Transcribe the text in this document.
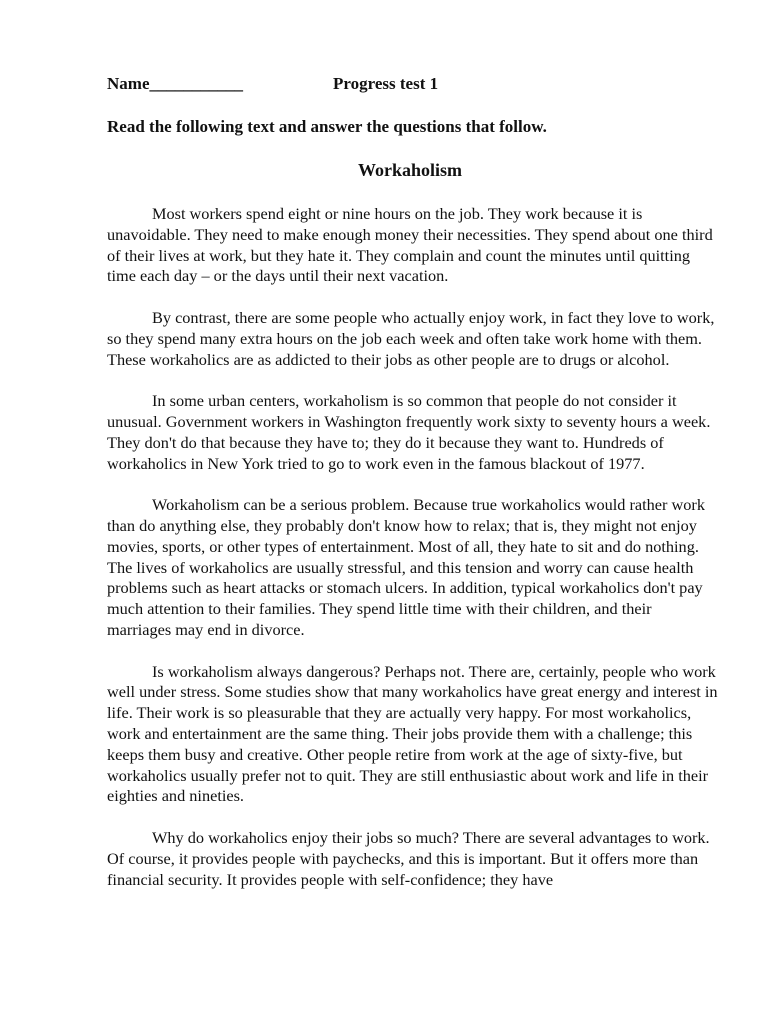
Name___________	Progress test 1
Read the following text and answer the questions that follow.
Workaholism

Most workers spend eight or nine hours on the job. They work because it is unavoidable. They need to make enough money their necessities. They spend about one third of their lives at work, but they hate it. They complain and count the minutes until quitting time each day – or the days until their next vacation.

By contrast, there are some people who actually enjoy work, in fact they love to work, so they spend many extra hours on the job each week and often take work home with them. These workaholics are as addicted to their jobs as other people are to drugs or alcohol.

In some urban centers, workaholism is so common that people do not consider it unusual. Government workers in Washington frequently work sixty to seventy hours a week. They don't do that because they have to; they do it because they want to. Hundreds of workaholics in New York tried to go to work even in the famous blackout of 1977.

Workaholism can be a serious problem. Because true workaholics would rather work than do anything else, they probably don't know how to relax; that is, they might not enjoy movies, sports, or other types of entertainment. Most of all, they hate to sit and do nothing. The lives of workaholics are usually stressful, and this tension and worry can cause health problems such as heart attacks or stomach ulcers. In addition, typical workaholics don't pay much attention to their families. They spend little time with their children, and their marriages may end in divorce.

Is workaholism always dangerous? Perhaps not. There are, certainly, people who work well under stress. Some studies show that many workaholics have great energy and interest in life. Their work is so pleasurable that they are actually very happy. For most workaholics, work and entertainment are the same thing. Their jobs provide them with a challenge; this keeps them busy and creative. Other people retire from work at the age of sixty-five, but workaholics usually prefer not to quit. They are still enthusiastic about work and life in their eighties and nineties.

Why do workaholics enjoy their jobs so much? There are several advantages to work. Of course, it provides people with paychecks, and this is important. But it offers more than financial security. It provides people with self-confidence; they have
